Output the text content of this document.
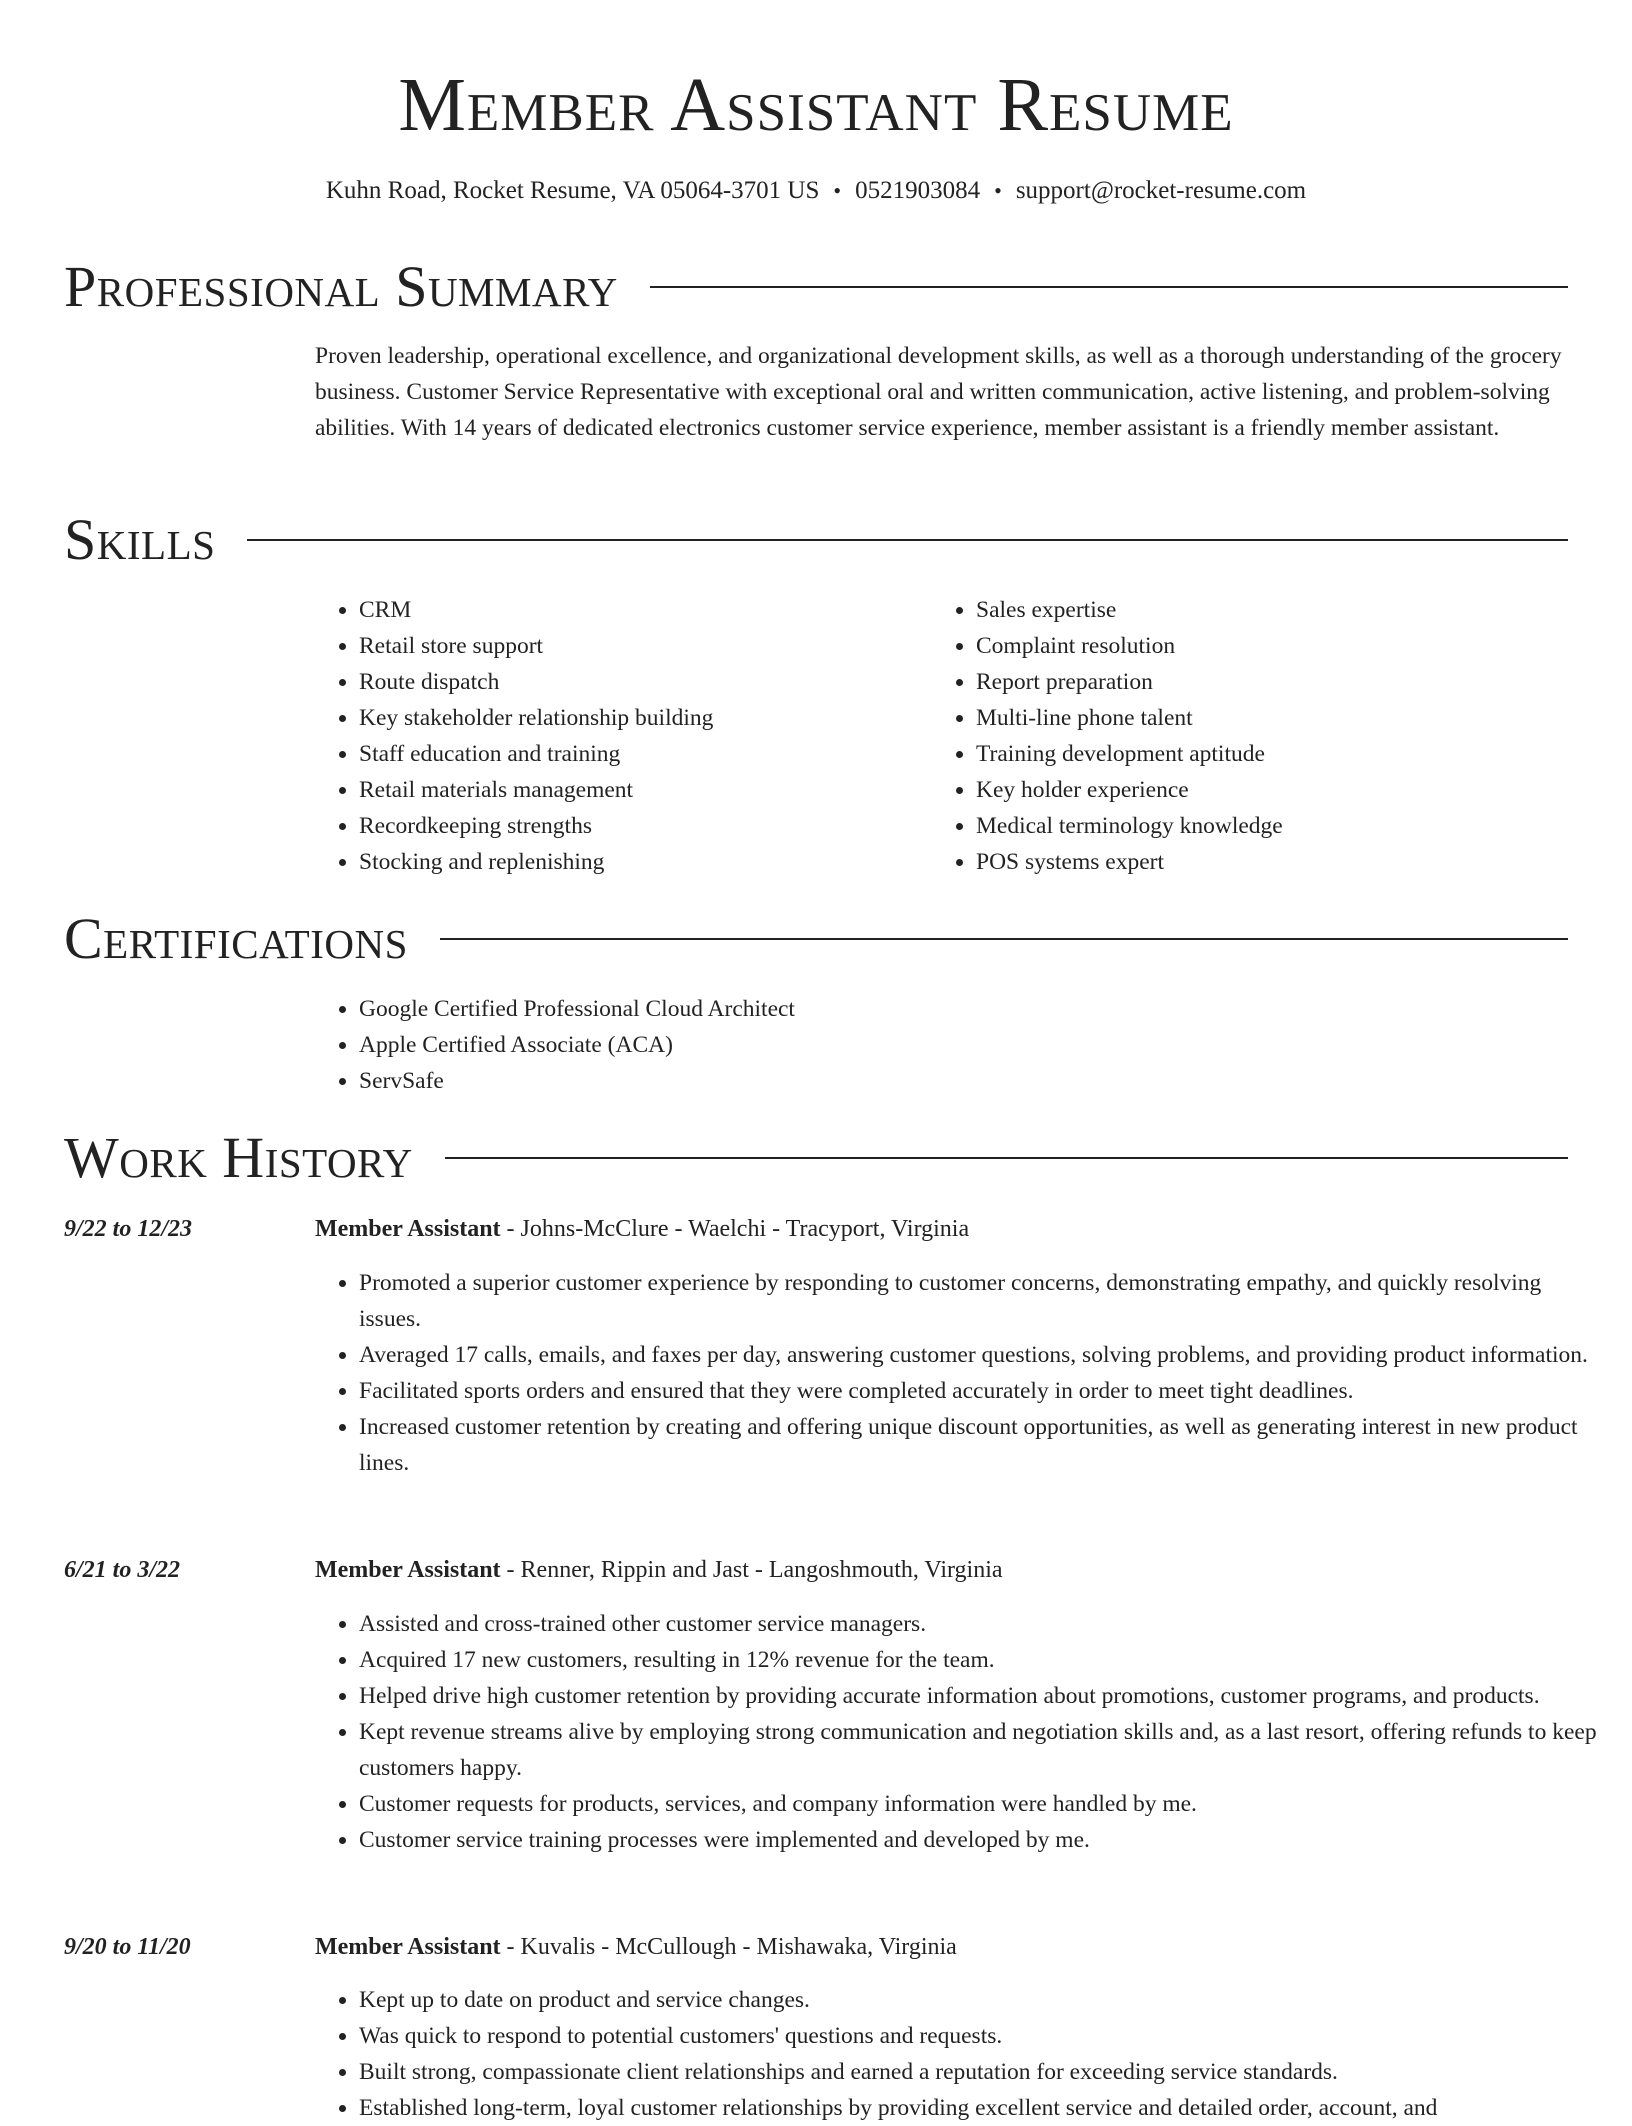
Member Assistant Resume
Kuhn Road, Rocket Resume, VA 05064-3701 US • 0521903084 • support@rocket-resume.com
Professional Summary

Proven leadership, operational excellence, and organizational development skills, as well as a thorough understanding of the grocery business. Customer Service Representative with exceptional oral and written communication, active listening, and problem-solving abilities. With 14 years of dedicated electronics customer service experience, member assistant is a friendly member assistant.

Skills
• CRM
• Retail store support
• Route dispatch
• Key stakeholder relationship building
• Staff education and training
• Retail materials management
• Recordkeeping strengths
• Stocking and replenishing
• Sales expertise
• Complaint resolution
• Report preparation
• Multi-line phone talent
• Training development aptitude
• Key holder experience
• Medical terminology knowledge
• POS systems expert
Certifications
• Google Certified Professional Cloud Architect
• Apple Certified Associate (ACA)
• ServSafe
Work History
9/22 to 12/23	Member Assistant - Johns-McClure - Waelchi - Tracyport, Virginia
• Promoted a superior customer experience by responding to customer concerns, demonstrating empathy, and quickly resolving issues.
• Averaged 17 calls, emails, and faxes per day, answering customer questions, solving problems, and providing product information.
• Facilitated sports orders and ensured that they were completed accurately in order to meet tight deadlines.
• Increased customer retention by creating and offering unique discount opportunities, as well as generating interest in new product lines.
6/21 to 3/22	Member Assistant - Renner, Rippin and Jast - Langoshmouth, Virginia
• Assisted and cross-trained other customer service managers.
• Acquired 17 new customers, resulting in 12% revenue for the team.
• Helped drive high customer retention by providing accurate information about promotions, customer programs, and products.
• Kept revenue streams alive by employing strong communication and negotiation skills and, as a last resort, offering refunds to keep customers happy.
• Customer requests for products, services, and company information were handled by me.
• Customer service training processes were implemented and developed by me.
9/20 to 11/20	Member Assistant - Kuvalis - McCullough - Mishawaka, Virginia
• Kept up to date on product and service changes.
• Was quick to respond to potential customers' questions and requests.
• Built strong, compassionate client relationships and earned a reputation for exceeding service standards.
• Established long-term, loyal customer relationships by providing excellent service and detailed order, account, and
